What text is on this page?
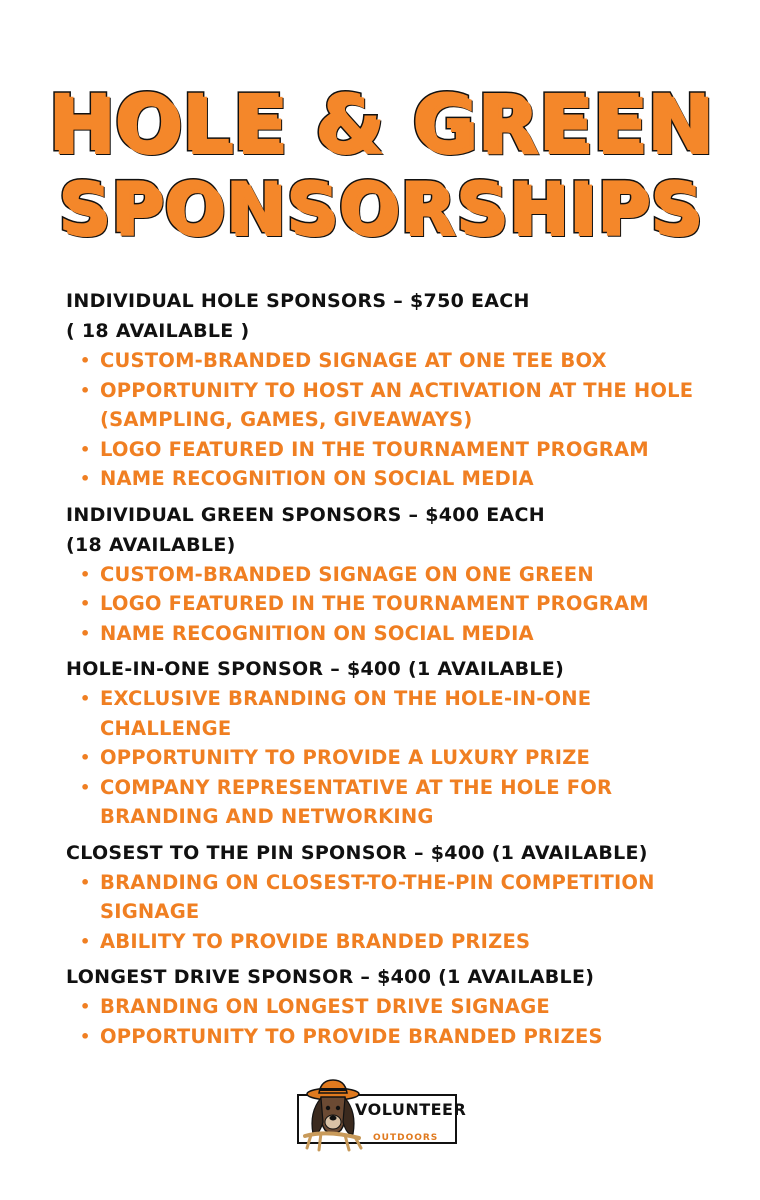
HOLE & GREEN
SPONSORSHIPS

INDIVIDUAL HOLE SPONSORS – $750 EACH

( 18 AVAILABLE )

• CUSTOM-BRANDED SIGNAGE AT ONE TEE BOX
• OPPORTUNITY TO HOST AN ACTIVATION AT THE HOLE (SAMPLING, GAMES, GIVEAWAYS)
• LOGO FEATURED IN THE TOURNAMENT PROGRAM
• NAME RECOGNITION ON SOCIAL MEDIA

INDIVIDUAL GREEN SPONSORS – $400 EACH

(18 AVAILABLE)

• CUSTOM-BRANDED SIGNAGE ON ONE GREEN
• LOGO FEATURED IN THE TOURNAMENT PROGRAM
• NAME RECOGNITION ON SOCIAL MEDIA

HOLE-IN-ONE SPONSOR – $400 (1 AVAILABLE)

• EXCLUSIVE BRANDING ON THE HOLE-IN-ONE CHALLENGE
• OPPORTUNITY TO PROVIDE A LUXURY PRIZE
• COMPANY REPRESENTATIVE AT THE HOLE FOR BRANDING AND NETWORKING

CLOSEST TO THE PIN SPONSOR – $400 (1 AVAILABLE)

• BRANDING ON CLOSEST-TO-THE-PIN COMPETITION SIGNAGE
• ABILITY TO PROVIDE BRANDED PRIZES

LONGEST DRIVE SPONSOR – $400 (1 AVAILABLE)

• BRANDING ON LONGEST DRIVE SIGNAGE
• OPPORTUNITY TO PROVIDE BRANDED PRIZES
VOLUNTEER
OUTDOORS
